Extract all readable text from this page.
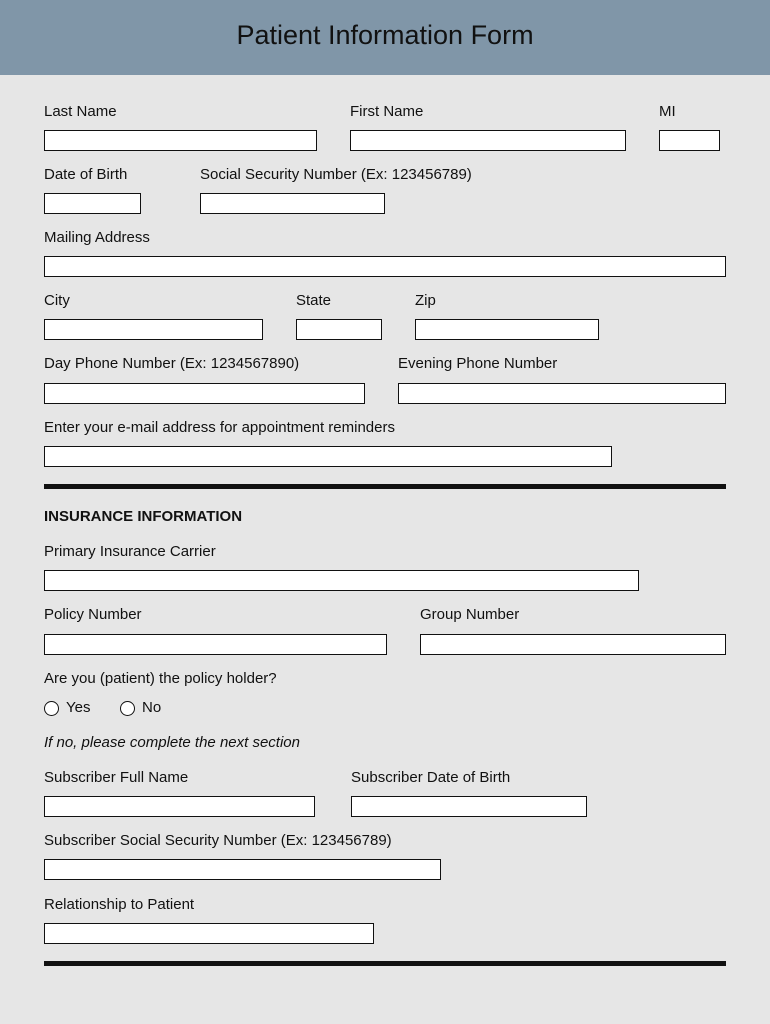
Patient Information Form
Last Name	First Name	MI
Date of Birth	Social Security Number (Ex: 123456789)
Mailing Address
City	State	Zip
Day Phone Number (Ex: 1234567890)	Evening Phone Number
Enter your e-mail address for appointment reminders
INSURANCE INFORMATION
Primary Insurance Carrier
Policy Number	Group Number
Are you (patient) the policy holder?
Yes	No
If no, please complete the next section
Subscriber Full Name	Subscriber Date of Birth
Subscriber Social Security Number (Ex: 123456789)
Relationship to Patient
